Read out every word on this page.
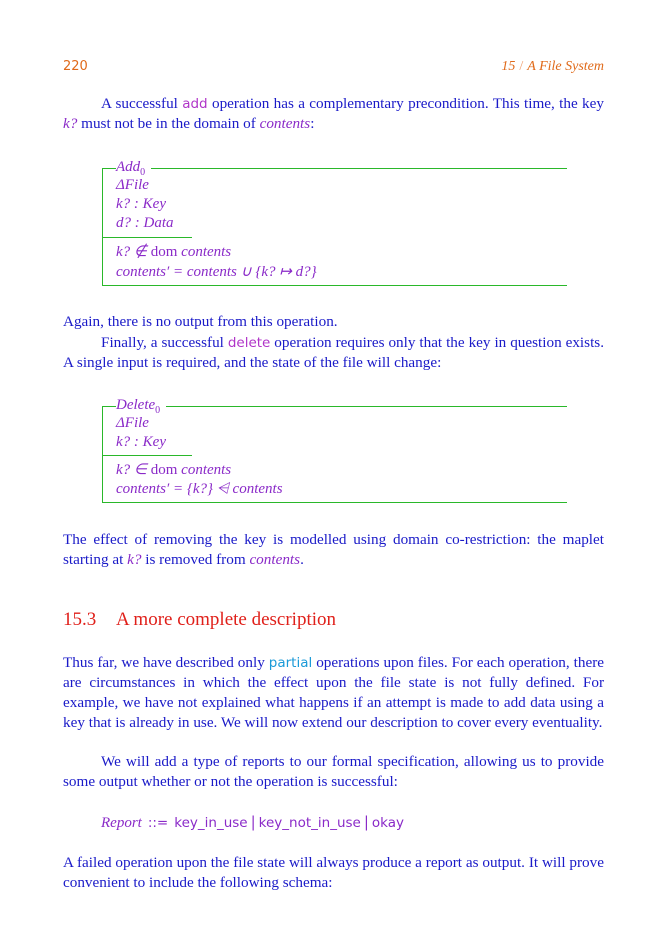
220	15 / A File System

A successful add operation has a complementary precondition. This time, the key k? must not be in the domain of contents:

Add$_0$
ΔFile
k? : Key
d? : Data
k? ∉ dom contents
contents′ = contents ∪ {k? ↦ d?}

Again, there is no output from this operation.

Finally, a successful delete operation requires only that the key in question exists. A single input is required, and the state of the file will change:

Delete$_0$
ΔFile
k? : Key
k? ∈ dom contents
contents′ = {k?} ⩤ contents

The effect of removing the key is modelled using domain co-restriction: the maplet starting at k? is removed from contents.

15.3 A more complete description

Thus far, we have described only partial operations upon files. For each operation, there are circumstances in which the effect upon the file state is not fully defined. For example, we have not explained what happens if an attempt is made to add data using a key that is already in use. We will now extend our description to cover every eventuality.

We will add a type of reports to our formal specification, allowing us to provide some output whether or not the operation is successful:

Report ::= key_in_use | key_not_in_use | okay

A failed operation upon the file state will always produce a report as output. It will prove convenient to include the following schema:
